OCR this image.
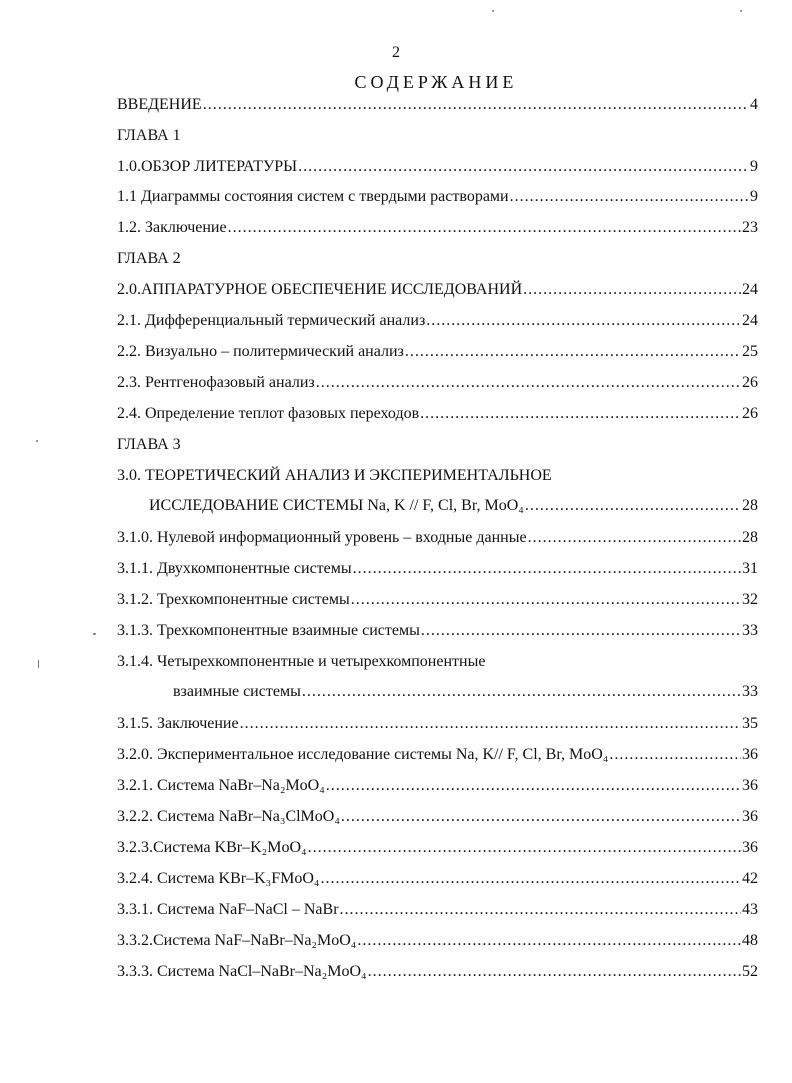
2
СОДЕРЖАНИЕ
ВВЕДЕНИЕ .....	4
ГЛАВА 1
1.0.ОБЗОР ЛИТЕРАТУРЫ .....	9
1.1 Диаграммы состояния систем с твердыми растворами .....	9
1.2. Заключение .....	23
ГЛАВА 2
2.0.АППАРАТУРНОЕ ОБЕСПЕЧЕНИЕ ИССЛЕДОВАНИЙ .....	24
2.1. Дифференциальный термический анализ .....	24
2.2. Визуально – политермический анализ .....	25
2.3. Рентгенофазовый анализ .....	26
2.4. Определение теплот фазовых переходов .....	26
ГЛАВА 3
3.0. ТЕОРЕТИЧЕСКИЙ АНАЛИЗ И ЭКСПЕРИМЕНТАЛЬНОЕ
ИССЛЕДОВАНИЕ СИСТЕМЫ Na, K // F, Cl, Br, MoO₄ .....	28
3.1.0. Нулевой информационный уровень – входные данные .....	28
3.1.1. Двухкомпонентные системы .....	31
3.1.2. Трехкомпонентные системы .....	32
3.1.3. Трехкомпонентные взаимные системы .....	33
3.1.4. Четырехкомпонентные и четырехкомпонентные
взаимные системы .....	33
3.1.5. Заключение .....	35
3.2.0. Экспериментальное исследование системы Na, K// F, Cl, Br, MoO₄ .....	36
3.2.1. Система NaBr–Na₂MoO₄ .....	36
3.2.2. Система NaBr–Na₃ClMoO₄ .....	36
3.2.3.Система KBr–K₂MoO₄ .....	36
3.2.4. Система KBr–K₃FMoO₄ .....	42
3.3.1. Система NaF–NaCl – NaBr .....	43
3.3.2.Система NaF–NaBr–Na₂MoO₄ .....	48
3.3.3. Система NaCl–NaBr–Na₂MoO₄ .....	52
